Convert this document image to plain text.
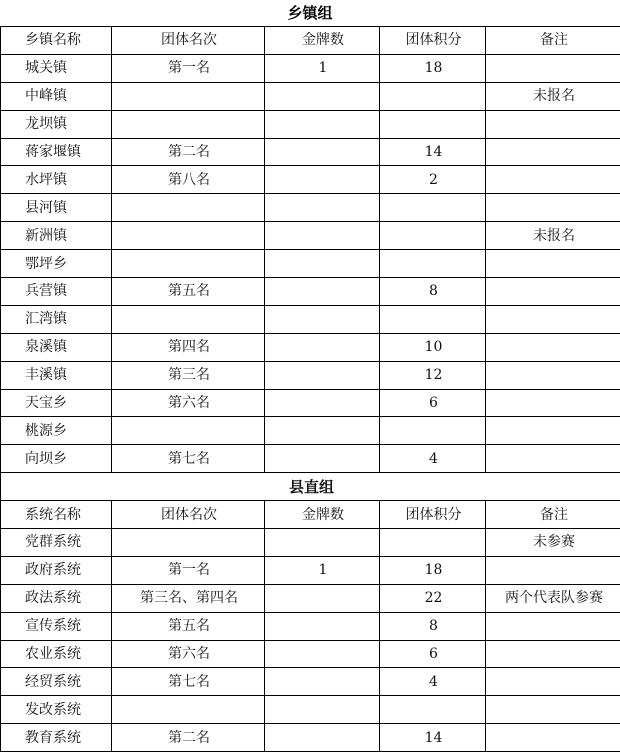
乡镇组
乡镇名称	团体名次	金牌数	团体积分	备注
城关镇	第一名	1	18	
中峰镇				未报名
龙坝镇				
蒋家堰镇	第二名		14	
水坪镇	第八名		2	
县河镇				
新洲镇				未报名
鄂坪乡				
兵营镇	第五名		8	
汇湾镇				
泉溪镇	第四名		10	
丰溪镇	第三名		12	
天宝乡	第六名		6	
桃源乡				
向坝乡	第七名		4	
县直组				
系统名称	团体名次	金牌数	团体积分	备注
党群系统				未参赛
政府系统	第一名	1	18	
政法系统	第三名、第四名		22	两个代表队参赛
宣传系统	第五名		8	
农业系统	第六名		6	
经贸系统	第七名		4	
发改系统				
教育系统	第二名		14	
